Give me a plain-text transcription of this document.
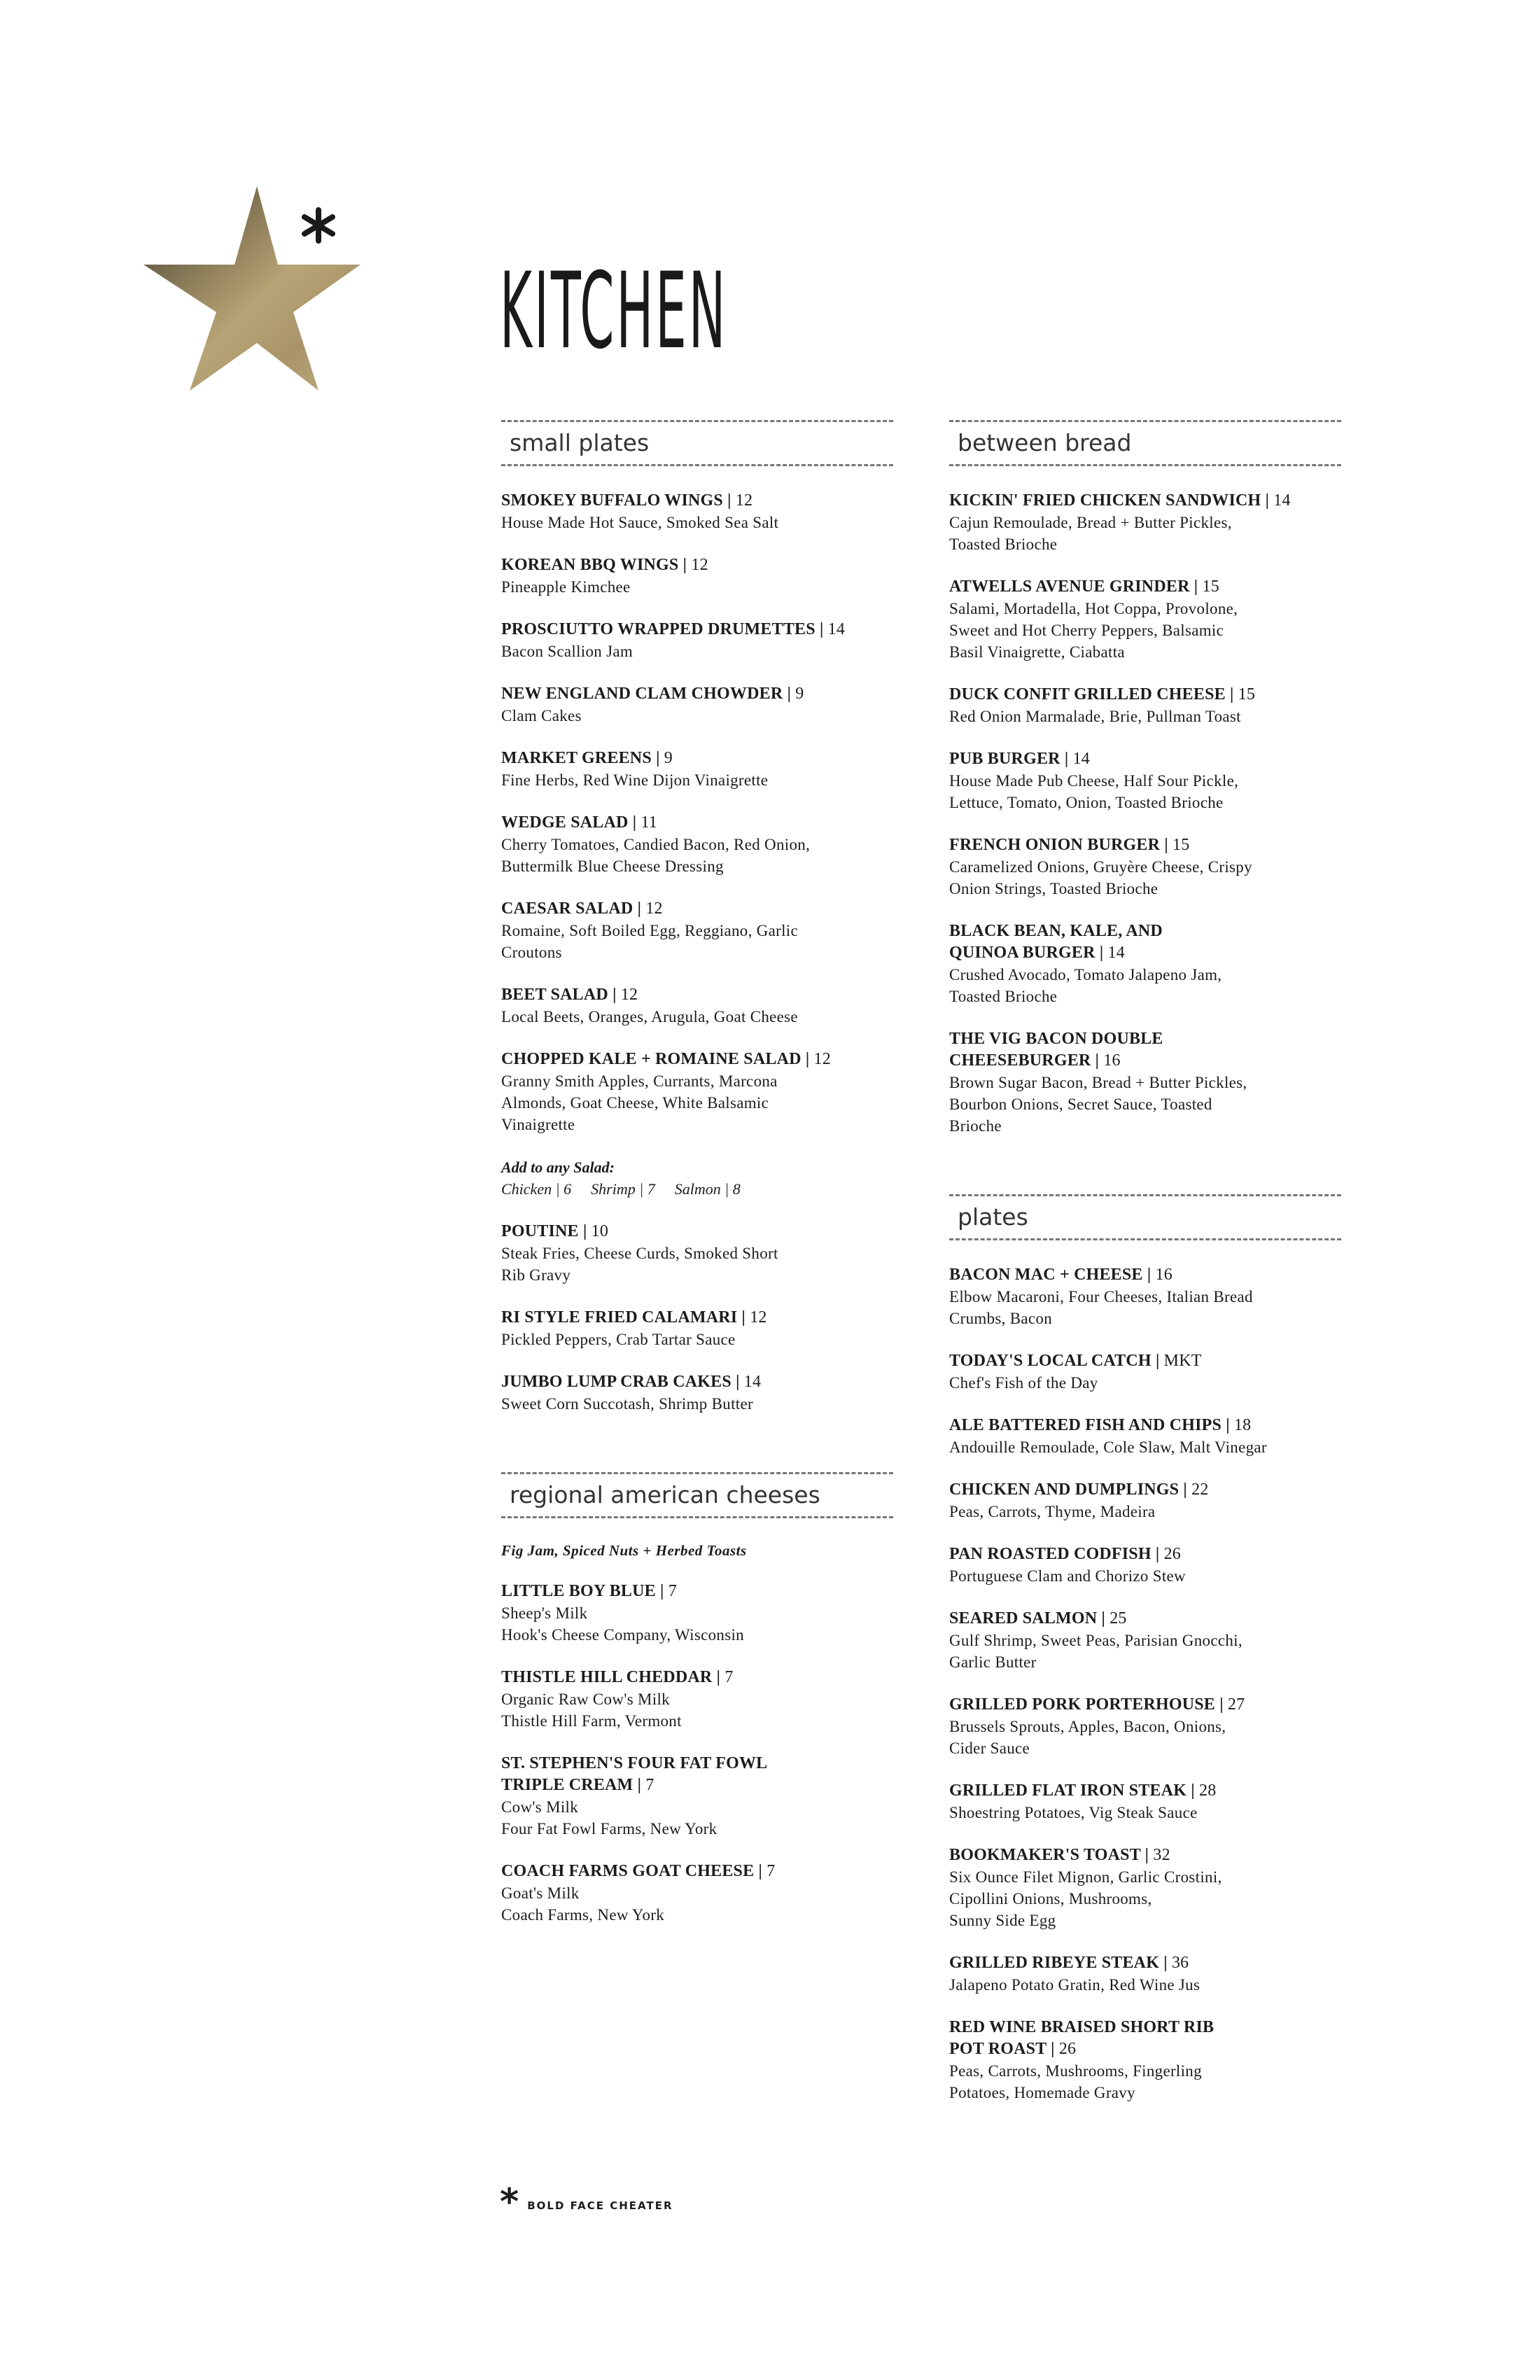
KITCHEN
small plates
SMOKEY BUFFALO WINGS | 12
House Made Hot Sauce, Smoked Sea Salt
KOREAN BBQ WINGS | 12
Pineapple Kimchee
PROSCIUTTO WRAPPED DRUMETTES | 14
Bacon Scallion Jam
NEW ENGLAND CLAM CHOWDER | 9
Clam Cakes
MARKET GREENS | 9
Fine Herbs, Red Wine Dijon Vinaigrette
WEDGE SALAD | 11
Cherry Tomatoes, Candied Bacon, Red Onion,
Buttermilk Blue Cheese Dressing
CAESAR SALAD | 12
Romaine, Soft Boiled Egg, Reggiano, Garlic
Croutons
BEET SALAD | 12
Local Beets, Oranges, Arugula, Goat Cheese
CHOPPED KALE + ROMAINE SALAD | 12
Granny Smith Apples, Currants, Marcona
Almonds, Goat Cheese, White Balsamic
Vinaigrette
Add to any Salad:
Chicken | 6 Shrimp | 7 Salmon | 8
POUTINE | 10
Steak Fries, Cheese Curds, Smoked Short
Rib Gravy
RI STYLE FRIED CALAMARI | 12
Pickled Peppers, Crab Tartar Sauce
JUMBO LUMP CRAB CAKES | 14
Sweet Corn Succotash, Shrimp Butter
regional american cheeses
Fig Jam, Spiced Nuts + Herbed Toasts
LITTLE BOY BLUE | 7
Sheep's Milk
Hook's Cheese Company, Wisconsin
THISTLE HILL CHEDDAR | 7
Organic Raw Cow's Milk
Thistle Hill Farm, Vermont
ST. STEPHEN'S FOUR FAT FOWL
TRIPLE CREAM | 7
Cow's Milk
Four Fat Fowl Farms, New York
COACH FARMS GOAT CHEESE | 7
Goat's Milk
Coach Farms, New York
between bread
KICKIN' FRIED CHICKEN SANDWICH | 14
Cajun Remoulade, Bread + Butter Pickles,
Toasted Brioche
ATWELLS AVENUE GRINDER | 15
Salami, Mortadella, Hot Coppa, Provolone,
Sweet and Hot Cherry Peppers, Balsamic
Basil Vinaigrette, Ciabatta
DUCK CONFIT GRILLED CHEESE | 15
Red Onion Marmalade, Brie, Pullman Toast
PUB BURGER | 14
House Made Pub Cheese, Half Sour Pickle,
Lettuce, Tomato, Onion, Toasted Brioche
FRENCH ONION BURGER | 15
Caramelized Onions, Gruyère Cheese, Crispy
Onion Strings, Toasted Brioche
BLACK BEAN, KALE, AND
QUINOA BURGER | 14
Crushed Avocado, Tomato Jalapeno Jam,
Toasted Brioche
THE VIG BACON DOUBLE
CHEESEBURGER | 16
Brown Sugar Bacon, Bread + Butter Pickles,
Bourbon Onions, Secret Sauce, Toasted
Brioche
plates
BACON MAC + CHEESE | 16
Elbow Macaroni, Four Cheeses, Italian Bread
Crumbs, Bacon
TODAY'S LOCAL CATCH | MKT
Chef's Fish of the Day
ALE BATTERED FISH AND CHIPS | 18
Andouille Remoulade, Cole Slaw, Malt Vinegar
CHICKEN AND DUMPLINGS | 22
Peas, Carrots, Thyme, Madeira
PAN ROASTED CODFISH | 26
Portuguese Clam and Chorizo Stew
SEARED SALMON | 25
Gulf Shrimp, Sweet Peas, Parisian Gnocchi,
Garlic Butter
GRILLED PORK PORTERHOUSE | 27
Brussels Sprouts, Apples, Bacon, Onions,
Cider Sauce
GRILLED FLAT IRON STEAK | 28
Shoestring Potatoes, Vig Steak Sauce
BOOKMAKER'S TOAST | 32
Six Ounce Filet Mignon, Garlic Crostini,
Cipollini Onions, Mushrooms,
Sunny Side Egg
GRILLED RIBEYE STEAK | 36
Jalapeno Potato Gratin, Red Wine Jus
RED WINE BRAISED SHORT RIB
POT ROAST | 26
Peas, Carrots, Mushrooms, Fingerling
Potatoes, Homemade Gravy
* BOLD FACE CHEATER
